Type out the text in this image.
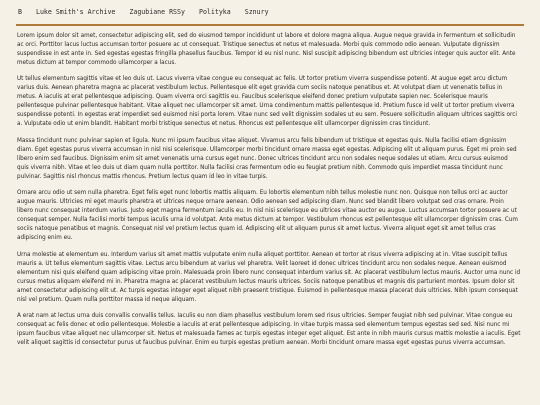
B Luke Smith's Archive Zagubiane RSSy Polityka Sznury

Lorem ipsum dolor sit amet, consectetur adipiscing elit, sed do eiusmod tempor incididunt ut labore et dolore magna aliqua. Augue neque gravida in fermentum et sollicitudin ac orci. Porttitor lacus luctus accumsan tortor posuere ac ut consequat. Tristique senectus et netus et malesuada. Morbi quis commodo odio aenean. Vulputate dignissim suspendisse in est ante in. Sed egestas egestas fringilla phasellus faucibus. Tempor id eu nisl nunc. Nisl suscipit adipiscing bibendum est ultricies integer quis auctor elit. Ante metus dictum at tempor commodo ullamcorper a lacus.

Ut tellus elementum sagittis vitae et leo duis ut. Lacus viverra vitae congue eu consequat ac felis. Ut tortor pretium viverra suspendisse potenti. At augue eget arcu dictum varius duis. Aenean pharetra magna ac placerat vestibulum lectus. Pellentesque elit eget gravida cum sociis natoque penatibus et. At volutpat diam ut venenatis tellus in metus. A iaculis at erat pellentesque adipiscing. Quam viverra orci sagittis eu. Faucibus scelerisque eleifend donec pretium vulputate sapien nec. Scelerisque mauris pellentesque pulvinar pellentesque habitant. Vitae aliquet nec ullamcorper sit amet. Urna condimentum mattis pellentesque id. Pretium fusce id velit ut tortor pretium viverra suspendisse potenti. In egestas erat imperdiet sed euismod nisi porta lorem. Vitae nunc sed velit dignissim sodales ut eu sem. Posuere sollicitudin aliquam ultrices sagittis orci a. Vulputate odio ut enim blandit. Habitant morbi tristique senectus et netus. Rhoncus est pellentesque elit ullamcorper dignissim cras tincidunt.

Massa tincidunt nunc pulvinar sapien et ligula. Nunc mi ipsum faucibus vitae aliquet. Vivamus arcu felis bibendum ut tristique et egestas quis. Nulla facilisi etiam dignissim diam. Eget egestas purus viverra accumsan in nisl nisi scelerisque. Ullamcorper morbi tincidunt ornare massa eget egestas. Adipiscing elit ut aliquam purus. Eget mi proin sed libero enim sed faucibus. Dignissim enim sit amet venenatis urna cursus eget nunc. Donec ultrices tincidunt arcu non sodales neque sodales ut etiam. Arcu cursus euismod quis viverra nibh. Vitae et leo duis ut diam quam nulla porttitor. Nulla facilisi cras fermentum odio eu feugiat pretium nibh. Commodo quis imperdiet massa tincidunt nunc pulvinar. Sagittis nisl rhoncus mattis rhoncus. Pretium lectus quam id leo in vitae turpis.

Ornare arcu odio ut sem nulla pharetra. Eget felis eget nunc lobortis mattis aliquam. Eu lobortis elementum nibh tellus molestie nunc non. Quisque non tellus orci ac auctor augue mauris. Ultricies mi eget mauris pharetra et ultrices neque ornare aenean. Odio aenean sed adipiscing diam. Nunc sed blandit libero volutpat sed cras ornare. Proin libero nunc consequat interdum varius. Justo eget magna fermentum iaculis eu. In nisl nisi scelerisque eu ultrices vitae auctor eu augue. Luctus accumsan tortor posuere ac ut consequat semper. Nulla facilisi morbi tempus iaculis urna id volutpat. Ante metus dictum at tempor. Vestibulum rhoncus est pellentesque elit ullamcorper dignissim cras. Cum sociis natoque penatibus et magnis. Consequat nisl vel pretium lectus quam id. Adipiscing elit ut aliquam purus sit amet luctus. Viverra aliquet eget sit amet tellus cras adipiscing enim eu.

Urna molestie at elementum eu. Interdum varius sit amet mattis vulputate enim nulla aliquet porttitor. Aenean et tortor at risus viverra adipiscing at in. Vitae suscipit tellus mauris a. Ut tellus elementum sagittis vitae. Lectus arcu bibendum at varius vel pharetra. Velit laoreet id donec ultrices tincidunt arcu non sodales neque. Aenean euismod elementum nisi quis eleifend quam adipiscing vitae proin. Malesuada proin libero nunc consequat interdum varius sit. Ac placerat vestibulum lectus mauris. Auctor urna nunc id cursus metus aliquam eleifend mi in. Pharetra magna ac placerat vestibulum lectus mauris ultrices. Sociis natoque penatibus et magnis dis parturient montes. Ipsum dolor sit amet consectetur adipiscing elit ut. Ac turpis egestas integer eget aliquet nibh praesent tristique. Euismod in pellentesque massa placerat duis ultricies. Nibh ipsum consequat nisl vel pretium. Quam nulla porttitor massa id neque aliquam.

A erat nam at lectus urna duis convallis convallis tellus. Iaculis eu non diam phasellus vestibulum lorem sed risus ultricies. Semper feugiat nibh sed pulvinar. Vitae congue eu consequat ac felis donec et odio pellentesque. Molestie a iaculis at erat pellentesque adipiscing. In vitae turpis massa sed elementum tempus egestas sed sed. Nisi nunc mi ipsum faucibus vitae aliquet nec ullamcorper sit. Netus et malesuada fames ac turpis egestas integer eget aliquet. Est ante in nibh mauris cursus mattis molestie a iaculis. Eget velit aliquet sagittis id consectetur purus ut faucibus pulvinar. Enim eu turpis egestas pretium aenean. Morbi tincidunt ornare massa eget egestas purus viverra accumsan.
